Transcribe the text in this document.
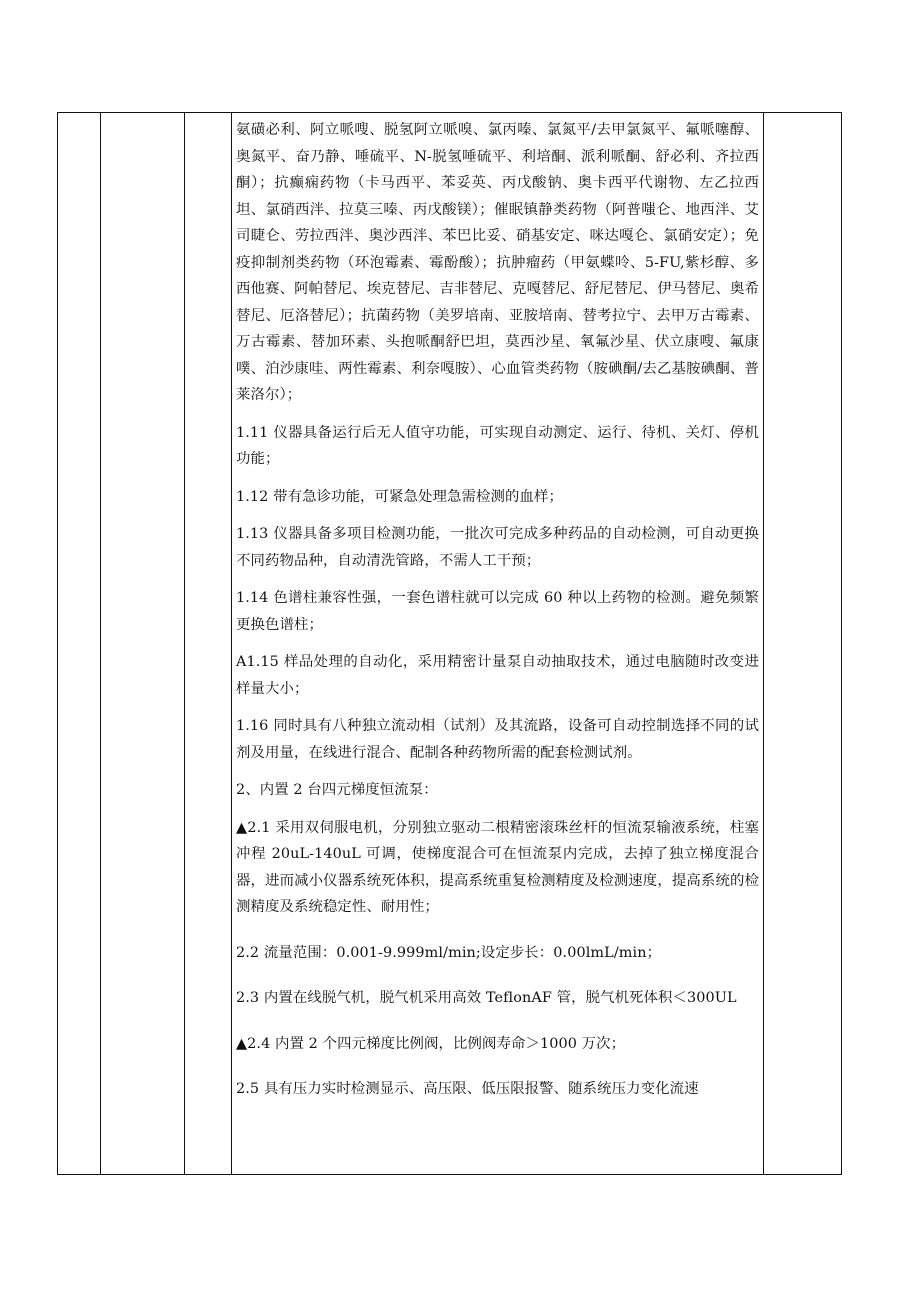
氨磺必利、阿立哌嗖、脱氢阿立哌嗅、氯丙嗪、氯氮平/去甲氯氮平、氟哌噻醇、奥氮平、奋乃静、唾硫平、N-脱氢唾硫平、利培酮、派利哌酮、舒必利、齐拉西酮）；抗癫痫药物（卡马西平、苯妥英、丙戊酸钠、奥卡西平代谢物、左乙拉西坦、氯硝西泮、拉莫三嗪、丙戊酸镁）；催眠镇静类药物（阿普嗤仑、地西泮、艾司睫仑、劳拉西泮、奥沙西泮、苯巴比妥、硝基安定、咪达嘎仑、氯硝安定）；免疫抑制剂类药物（环泡霉素、霉酚酸）；抗肿瘤药（甲氨蝶呤、5-FU,紫杉醇、多西他赛、阿帕替尼、埃克替尼、吉非替尼、克嘎替尼、舒尼替尼、伊马替尼、奥希替尼、厄洛替尼）；抗菌药物（美罗培南、亚胺培南、替考拉宁、去甲万古霉素、万古霉素、替加环素、头抱哌酮舒巴坦，莫西沙星、氧氟沙星、伏立康嗖、氟康噗、泊沙康哇、两性霉素、利奈嘎胺）、心血管类药物（胺碘酮/去乙基胺碘酮、普莱洛尔）；

1.11 仪器具备运行后无人值守功能，可实现自动测定、运行、待机、关灯、停机功能；

1.12 带有急诊功能，可紧急处理急需检测的血样；

1.13 仪器具备多项目检测功能，一批次可完成多种药品的自动检测，可自动更换不同药物品种，自动清洗管路，不需人工干预；

1.14 色谱柱兼容性强，一套色谱柱就可以完成 60 种以上药物的检测。避免频繁更换色谱柱；

A1.15 样品处理的自动化，采用精密计量泵自动抽取技术，通过电脑随时改变进样量大小；

1.16 同时具有八种独立流动相（试剂）及其流路，设备可自动控制选择不同的试剂及用量，在线进行混合、配制各种药物所需的配套检测试剂。

2、内置 2 台四元梯度恒流泵：

▲2.1 采用双伺服电机，分别独立驱动二根精密滚珠丝杆的恒流泵输液系统，柱塞冲程 20uL-140uL 可调，使梯度混合可在恒流泵内完成，去掉了独立梯度混合器，进而减小仪器系统死体积，提高系统重复检测精度及检测速度，提高系统的检测精度及系统稳定性、耐用性；

2.2 流量范围：0.001-9.999ml/min;设定步长：0.00lmL/min；

2.3 内置在线脱气机，脱气机采用高效 TeflonAF 管，脱气机死体积＜300UL

▲2.4 内置 2 个四元梯度比例阀，比例阀寿命＞1000 万次；

2.5 具有压力实时检测显示、高压限、低压限报警、随系统压力变化流速
